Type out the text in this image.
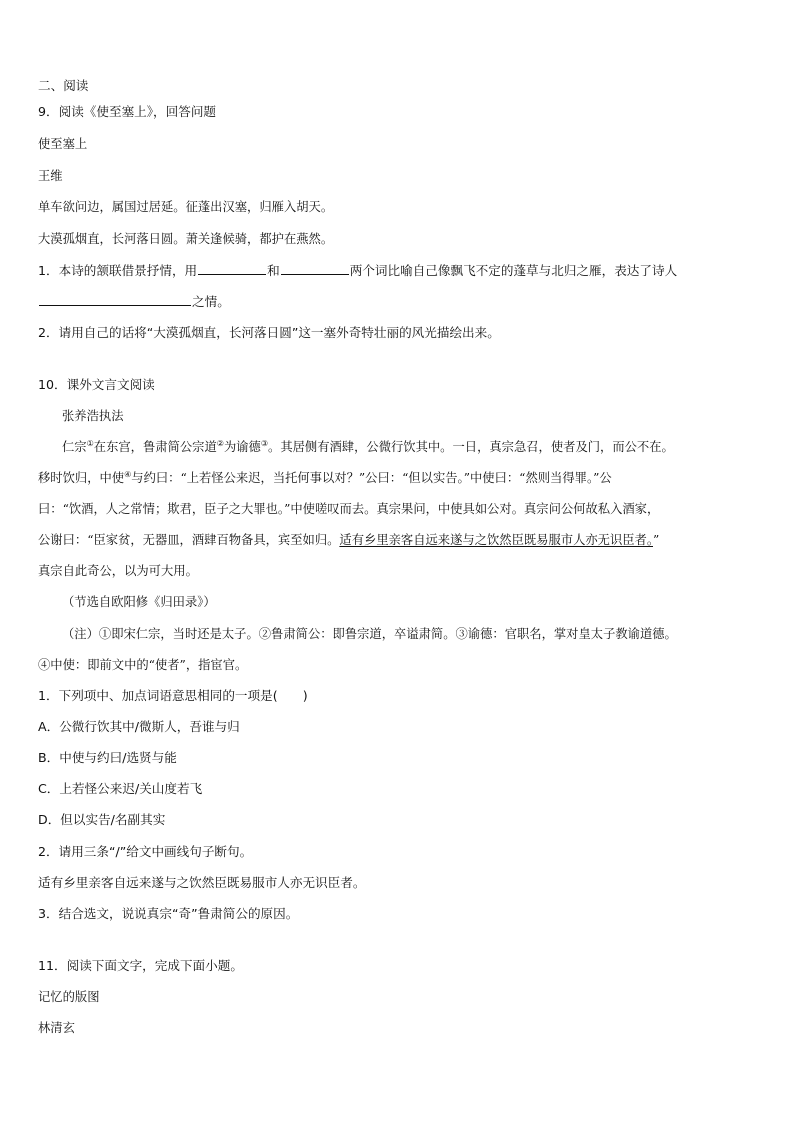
二、阅读
9．阅读《使至塞上》，回答问题
使至塞上
王维
单车欲问边，属国过居延。征蓬出汉塞，归雁入胡天。
大漠孤烟直，长河落日圆。萧关逢候骑，都护在燕然。
1．本诗的颔联借景抒情，用	和	两个词比喻自己像飘飞不定的蓬草与北归之雁，表达了诗人
之情。
2．请用自己的话将“大漠孤烟直，长河落日圆”这一塞外奇特壮丽的风光描绘出来。
10．课外文言文阅读
张养浩执法
仁宗①在东宫，鲁肃简公宗道②为谕德③。其居侧有酒肆，公微行饮其中。一日，真宗急召，使者及门，而公不在。
移时饮归，中使④与约曰：“上若怪公来迟，当托何事以对？”公曰：“但以实告。”中使曰：“然则当得罪。”公
曰：“饮酒，人之常情；欺君，臣子之大罪也。”中使嗟叹而去。真宗果问，中使具如公对。真宗问公何故私入酒家，
公谢曰：“臣家贫，无器皿，酒肆百物备具，宾至如归。适有乡里亲客自远来遂与之饮然臣既易服市人亦无识臣者。”
真宗自此奇公，以为可大用。
（节选自欧阳修《归田录》）
（注）①即宋仁宗，当时还是太子。②鲁肃简公：即鲁宗道，卒谥肃简。③谕德：官职名，掌对皇太子教谕道德。
④中使：即前文中的“使者”，指宦官。
1．下列项中、加点词语意思相同的一项是(　　)
A．公微行饮其中/微斯人，吾谁与归
B．中使与约曰/选贤与能
C．上若怪公来迟/关山度若飞
D．但以实告/名副其实
2．请用三条“/”给文中画线句子断句。
适有乡里亲客自远来遂与之饮然臣既易服市人亦无识臣者。
3．结合选文，说说真宗“奇”鲁肃简公的原因。
11．阅读下面文字，完成下面小题。
记忆的版图
林清玄
